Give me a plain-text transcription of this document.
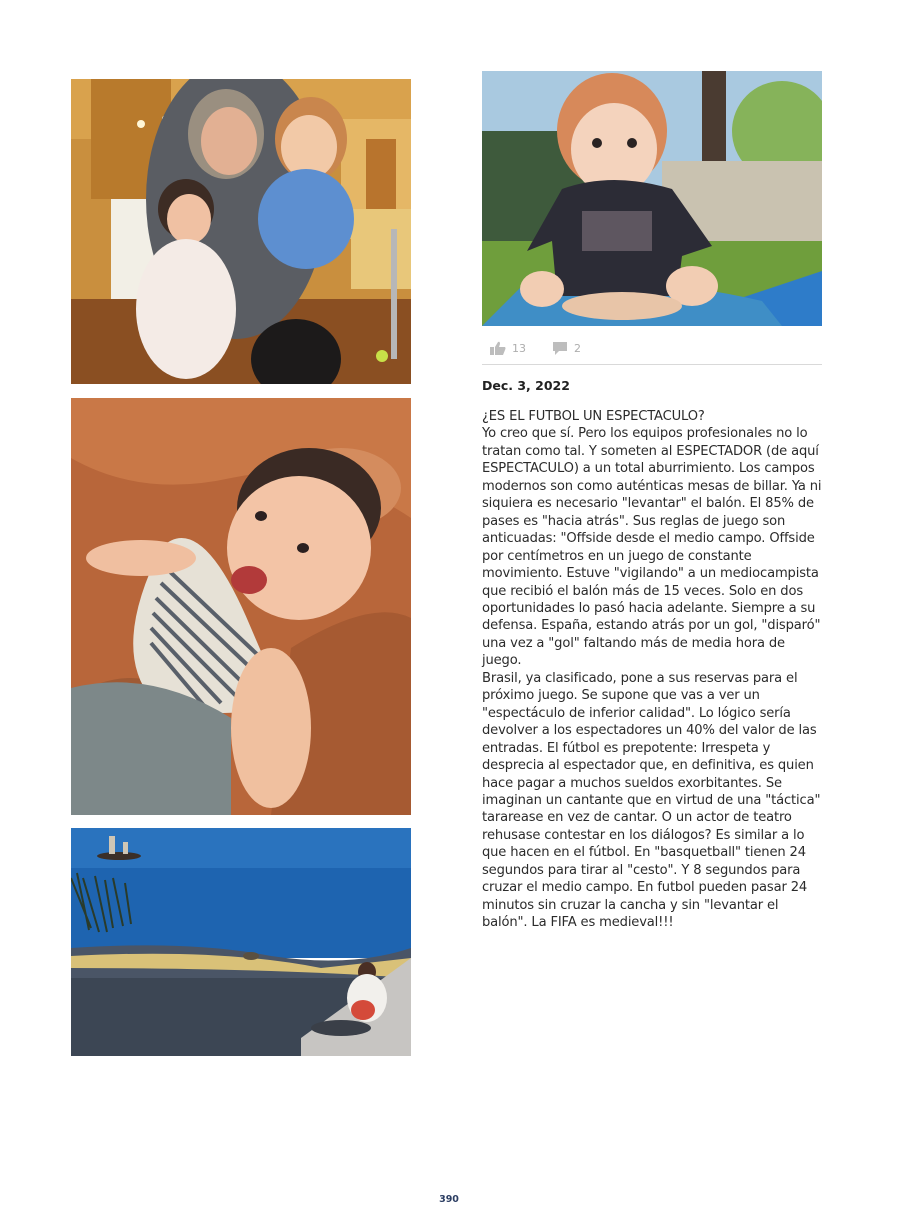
13	2
Dec. 3, 2022

¿ES EL FUTBOL UN ESPECTACULO?

Yo creo que sí. Pero los equipos profesionales no lo tratan como tal. Y someten al ESPECTADOR (de aquí ESPECTACULO) a un total aburrimiento. Los campos modernos son como auténticas mesas de billar. Ya ni siquiera es necesario "levantar" el balón. El 85% de pases es "hacia atrás". Sus reglas de juego son anticuadas: "Offside desde el medio campo. Offside por centímetros en un juego de constante movimiento. Estuve "vigilando" a un mediocampista que recibió el balón más de 15 veces. Solo en dos oportunidades lo pasó hacia adelante. Siempre a su defensa. España, estando atrás por un gol, "disparó" una vez a "gol" faltando más de media hora de juego.

Brasil, ya clasificado, pone a sus reservas para el próximo juego. Se supone que vas a ver un "espectáculo de inferior calidad". Lo lógico sería devolver a los espectadores un 40% del valor de las entradas. El fútbol es prepotente: Irrespeta y desprecia al espectador que, en definitiva, es quien hace pagar a muchos sueldos exorbitantes. Se imaginan un cantante que en virtud de una "táctica" tararease en vez de cantar. O un actor de teatro rehusase contestar en los diálogos? Es similar a lo que hacen en el fútbol. En "basquetball" tienen 24 segundos para tirar al "cesto". Y 8 segundos para cruzar el medio campo. En futbol pueden pasar 24 minutos sin cruzar la cancha y sin "levantar el balón". La FIFA es medieval!!!

390
